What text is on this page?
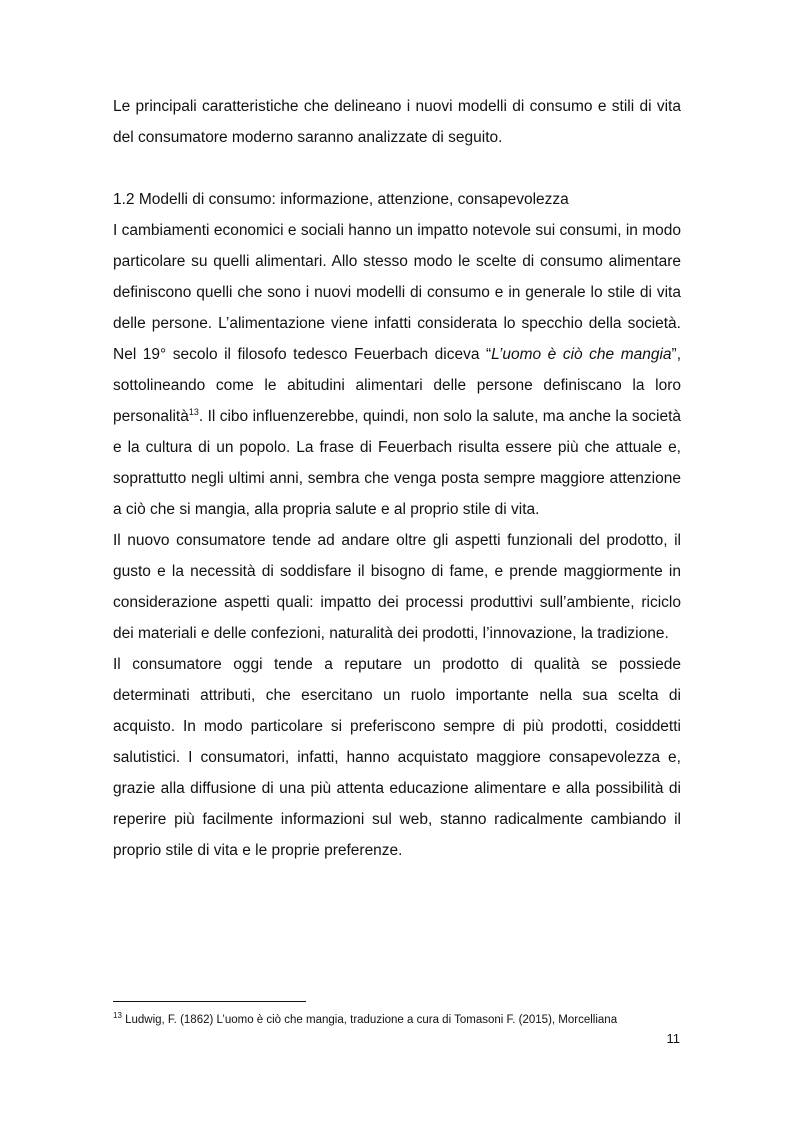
Le principali caratteristiche che delineano i nuovi modelli di consumo e stili di vita del consumatore moderno saranno analizzate di seguito.

1.2 Modelli di consumo: informazione, attenzione, consapevolezza

I cambiamenti economici e sociali hanno un impatto notevole sui consumi, in modo particolare su quelli alimentari. Allo stesso modo le scelte di consumo alimentare definiscono quelli che sono i nuovi modelli di consumo e in generale lo stile di vita delle persone. L’alimentazione viene infatti considerata lo specchio della società. Nel 19° secolo il filosofo tedesco Feuerbach diceva “L’uomo è ciò che mangia”, sottolineando come le abitudini alimentari delle persone definiscano la loro personalità$^{13}$. Il cibo influenzerebbe, quindi, non solo la salute, ma anche la società e la cultura di un popolo. La frase di Feuerbach risulta essere più che attuale e, soprattutto negli ultimi anni, sembra che venga posta sempre maggiore attenzione a ciò che si mangia, alla propria salute e al proprio stile di vita.

Il nuovo consumatore tende ad andare oltre gli aspetti funzionali del prodotto, il gusto e la necessità di soddisfare il bisogno di fame, e prende maggiormente in considerazione aspetti quali: impatto dei processi produttivi sull’ambiente, riciclo dei materiali e delle confezioni, naturalità dei prodotti, l’innovazione, la tradizione.

Il consumatore oggi tende a reputare un prodotto di qualità se possiede determinati attributi, che esercitano un ruolo importante nella sua scelta di acquisto. In modo particolare si preferiscono sempre di più prodotti, cosiddetti salutistici. I consumatori, infatti, hanno acquistato maggiore consapevolezza e, grazie alla diffusione di una più attenta educazione alimentare e alla possibilità di reperire più facilmente informazioni sul web, stanno radicalmente cambiando il proprio stile di vita e le proprie preferenze.

$^{13}$ Ludwig, F. (1862) L’uomo è ciò che mangia, traduzione a cura di Tomasoni F. (2015), Morcelliana
11
